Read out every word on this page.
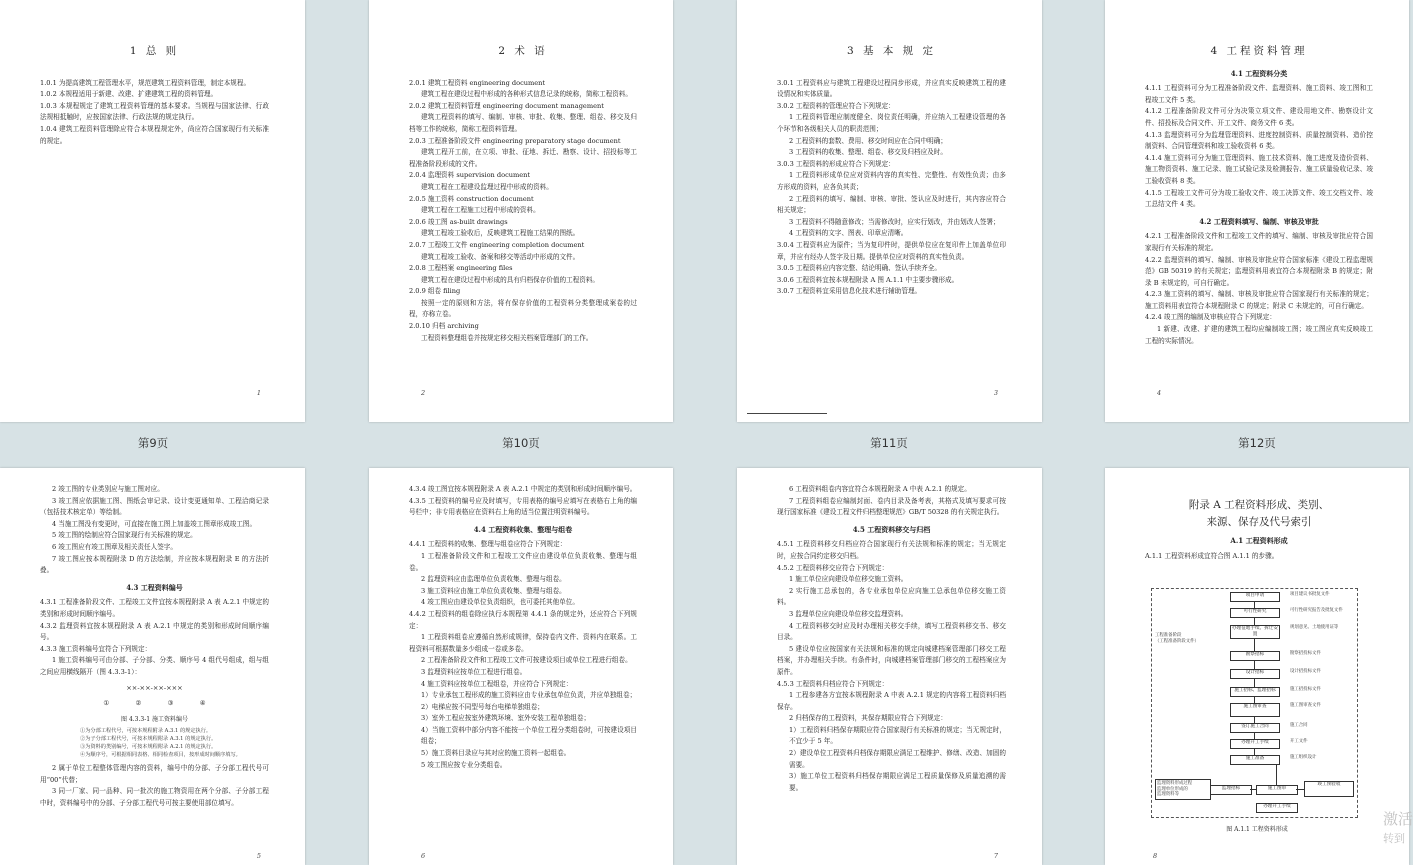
1 总 则

1.0.1 为提高建筑工程管理水平，规范建筑工程资料管理，制定本规程。

1.0.2 本规程适用于新建、改建、扩建建筑工程的资料管理。

1.0.3 本规程规定了建筑工程资料管理的基本要求。当规程与国家法律、行政法规相抵触时，应按国家法律、行政法规的规定执行。

1.0.4 建筑工程资料管理除应符合本规程规定外，尚应符合国家现行有关标准的规定。

1
2 术 语

2.0.1 建筑工程资料 engineering document

建筑工程在建设过程中形成的各种形式信息记录的统称，简称工程资料。

2.0.2 建筑工程资料管理 engineering document management

建筑工程资料的填写、编制、审核、审批、收集、整理、组卷、移交及归档等工作的统称，简称工程资料管理。

2.0.3 工程准备阶段文件 engineering preparatory stage document

建筑工程开工前，在立项、审批、征地、拆迁、勘察、设计、招投标等工程准备阶段形成的文件。

2.0.4 监理资料 supervision document

建筑工程在工程建设监理过程中形成的资料。

2.0.5 施工资料 construction document

建筑工程在工程施工过程中形成的资料。

2.0.6 竣工图 as-built drawings

建筑工程竣工验收后，反映建筑工程施工结果的图纸。

2.0.7 工程竣工文件 engineering completion document

建筑工程竣工验收、备案和移交等活动中形成的文件。

2.0.8 工程档案 engineering files

建筑工程在建设过程中形成的具有归档保存价值的工程资料。

2.0.9 组卷 filing

按照一定的原则和方法，将有保存价值的工程资料分类整理成案卷的过程，亦称立卷。

2.0.10 归档 archiving

工程资料整理组卷并按规定移交相关档案管理部门的工作。

2
3 基 本 规 定

3.0.1 工程资料应与建筑工程建设过程同步形成，并应真实反映建筑工程的建设情况和实体质量。

3.0.2 工程资料的管理应符合下列规定：

1 工程资料管理应制度健全、岗位责任明确，并应纳入工程建设管理的各个环节和各级相关人员的职责范围；

2 工程资料的套数、费用、移交时间应在合同中明确；

3 工程资料的收集、整理、组卷、移交及归档应及时。

3.0.3 工程资料的形成应符合下列规定：

1 工程资料形成单位应对资料内容的真实性、完整性、有效性负责；由多方形成的资料，应各负其责；

2 工程资料的填写、编制、审核、审批、签认应及时进行，其内容应符合相关规定；

3 工程资料不得随意修改；当需修改时，应实行划改，并由划改人签署；

4 工程资料的文字、图表、印章应清晰。

3.0.4 工程资料应为原件；当为复印件时，提供单位应在复印件上加盖单位印章，并应有经办人签字及日期。提供单位应对资料的真实性负责。

3.0.5 工程资料应内容完整、结论明确、签认手续齐全。

3.0.6 工程资料宜按本规程附录 A 图 A.1.1 中主要步骤形成。

3.0.7 工程资料宜采用信息化技术进行辅助管理。

3
4 工程资料管理
4.1 工程资料分类

4.1.1 工程资料可分为工程准备阶段文件、监理资料、施工资料、竣工图和工程竣工文件 5 类。

4.1.2 工程准备阶段文件可分为决策立项文件、建设用地文件、勘察设计文件、招投标及合同文件、开工文件、商务文件 6 类。

4.1.3 监理资料可分为监理管理资料、进度控制资料、质量控制资料、造价控制资料、合同管理资料和竣工验收资料 6 类。

4.1.4 施工资料可分为施工管理资料、施工技术资料、施工进度及造价资料、施工物资资料、施工记录、施工试验记录及检测报告、施工质量验收记录、竣工验收资料 8 类。

4.1.5 工程竣工文件可分为竣工验收文件、竣工决算文件、竣工交档文件、竣工总结文件 4 类。

4.2 工程资料填写、编制、审核及审批

4.2.1 工程准备阶段文件和工程竣工文件的填写、编制、审核及审批应符合国家现行有关标准的规定。

4.2.2 监理资料的填写、编制、审核及审批应符合国家标准《建设工程监理规范》GB 50319 的有关规定；监理资料用表宜符合本规程附录 B 的规定；附录 B 未规定的，可自行确定。

4.2.3 施工资料的填写、编制、审核及审批应符合国家现行有关标准的规定；施工资料用表宜符合本规程附录 C 的规定；附录 C 未规定的，可自行确定。

4.2.4 竣工图的编制及审核应符合下列规定：

1 新建、改建、扩建的建筑工程均应编制竣工图；竣工图应真实反映竣工工程的实际情况。

4
第9页	第10页	第11页	第12页

2 竣工图的专业类别应与施工图对应。

3 竣工图应依据施工图、图纸会审记录、设计变更通知单、工程洽商记录（包括技术核定单）等绘制。

4 当施工图没有变更时，可直接在施工图上加盖竣工图章形成竣工图。

5 竣工图的绘制应符合国家现行有关标准的规定。

6 竣工图应有竣工图章及相关责任人签字。

7 竣工图应按本规程附录 D 的方法绘制，并应按本规程附录 E 的方法折叠。

4.3 工程资料编号

4.3.1 工程准备阶段文件、工程竣工文件宜按本规程附录 A 表 A.2.1 中规定的类别和形成时间顺序编号。

4.3.2 监理资料宜按本规程附录 A 表 A.2.1 中规定的类别和形成时间顺序编号。

4.3.3 施工资料编号宜符合下列规定：

1 施工资料编号可由分部、子分部、分类、顺序号 4 组代号组成，组与组之间应用横线隔开（图 4.3.3-1）：

××-××-××-×××
①	②	③	④
图 4.3.3-1 施工资料编号
①为分部工程代号，可按本规程附录 A.3.1 的规定执行。
②为子分部工程代号，可按本规程附录 A.3.1 的规定执行。
③为资料的类别编号，可按本规程附录 A.2.1 的规定执行。
④为顺序号，可根据相同表格、相同检查项目，按形成时间顺序填写。

2 属于单位工程整体管理内容的资料，编号中的分部、子分部工程代号可用“00”代替；

3 同一厂家、同一品种、同一批次的施工物资用在两个分部、子分部工程中时，资料编号中的分部、子分部工程代号可按主要使用部位填写。

5

4.3.4 竣工图宜按本规程附录 A 表 A.2.1 中规定的类别和形成时间顺序编号。

4.3.5 工程资料的编号应及时填写，专用表格的编号应填写在表格右上角的编号栏中；非专用表格应在资料右上角的适当位置注明资料编号。

4.4 工程资料收集、整理与组卷

4.4.1 工程资料的收集、整理与组卷应符合下列规定：

1 工程准备阶段文件和工程竣工文件应由建设单位负责收集、整理与组卷。

2 监理资料应由监理单位负责收集、整理与组卷。

3 施工资料应由施工单位负责收集、整理与组卷。

4 竣工图应由建设单位负责组织，也可委托其他单位。

4.4.2 工程资料的组卷除应执行本规程第 4.4.1 条的规定外，还应符合下列规定：

1 工程资料组卷应遵循自然形成规律，保持卷内文件、资料内在联系。工程资料可根据数量多少组成一卷或多卷。

2 工程准备阶段文件和工程竣工文件可按建设项目或单位工程进行组卷。

3 监理资料应按单位工程进行组卷。

4 施工资料应按单位工程组卷，并应符合下列规定：

1）专业承包工程形成的施工资料应由专业承包单位负责，并应单独组卷；

2）电梯应按不同型号每台电梯单独组卷；

3）室外工程应按室外建筑环境、室外安装工程单独组卷；

4）当施工资料中部分内容不能按一个单位工程分类组卷时，可按建设项目组卷；

5）施工资料目录应与其对应的施工资料一起组卷。

5 竣工图应按专业分类组卷。

6

6 工程资料组卷内容宜符合本规程附录 A 中表 A.2.1 的规定。

7 工程资料组卷应编制封面、卷内目录及备考表，其格式及填写要求可按现行国家标准《建设工程文件归档整理规范》GB/T 50328 的有关规定执行。

4.5 工程资料移交与归档

4.5.1 工程资料移交归档应符合国家现行有关法规和标准的规定；当无规定时，应按合同约定移交归档。

4.5.2 工程资料移交应符合下列规定：

1 施工单位应向建设单位移交施工资料。

2 实行施工总承包的，各专业承包单位应向施工总承包单位移交施工资料。

3 监理单位应向建设单位移交监理资料。

4 工程资料移交时应及时办理相关移交手续，填写工程资料移交书、移交目录。

5 建设单位应按国家有关法规和标准的规定向城建档案管理部门移交工程档案，并办理相关手续。有条件时，向城建档案管理部门移交的工程档案应为原件。

4.5.3 工程资料归档应符合下列规定：

1 工程参建各方宜按本规程附录 A 中表 A.2.1 规定的内容将工程资料归档保存。

2 归档保存的工程资料，其保存期限应符合下列规定：

1）工程资料归档保存期限应符合国家现行有关标准的规定；当无规定时，不宜少于 5 年。

2）建设单位工程资料归档保存期限应满足工程维护、修缮、改造、加固的需要。

3）施工单位工程资料归档保存期限应满足工程质量保修及质量追溯的需要。

7
附录 A 工程资料形成、类别、
来源、保存及代号索引
A.1 工程资料形成

A.1.1 工程资料形成宜符合图 A.1.1 的步骤。

工程准备阶段
（工程准备阶段文件）
项目申请
可行性研究
办理征地手续、拆迁安置
勘察招标
设计招标
施工招标、监理招标
施工图审查
签订施工合同
办理开工手续
施工准备
监理招标	施工图审
竣工预验收
办理开工手续
监理资料形成过程
监理单位形成的
监理资料等
项目建议书批复文件
可行性研究报告及批复文件
规划意见、土地使用证等
勘察招投标文件
设计招投标文件
施工招投标文件
施工图审查文件
施工合同
开工文件
施工组织设计
图 A.1.1 工程资料形成
8
激活
转到
